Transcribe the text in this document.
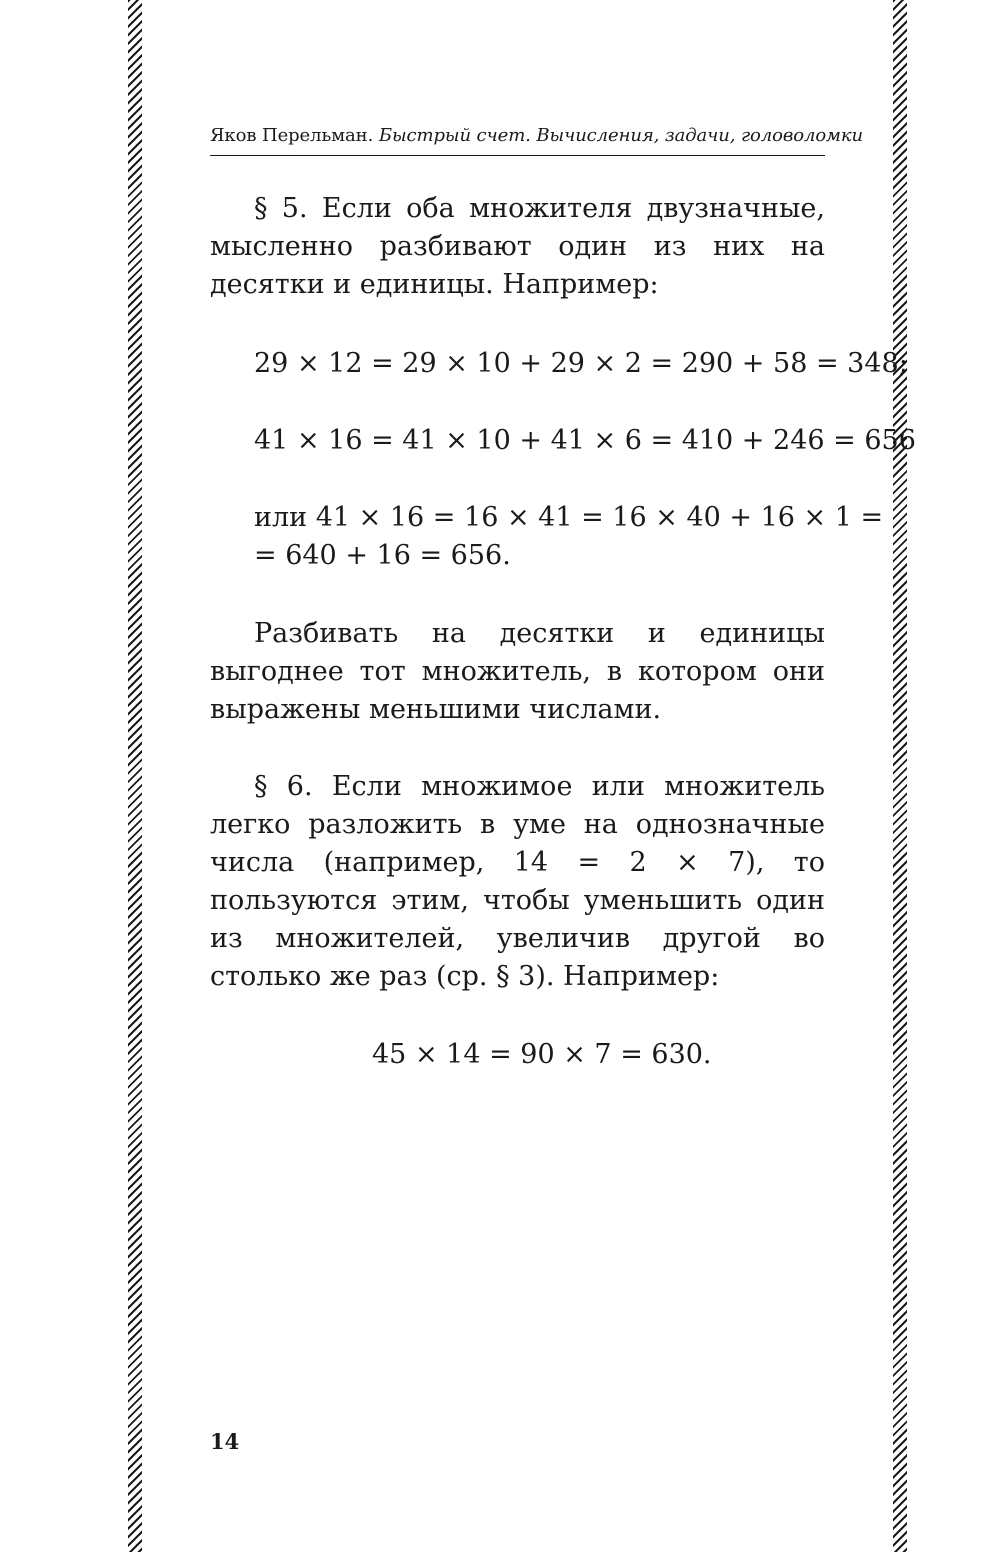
Яков Перельман. Быстрый счет. Вычисления, задачи, головоломки

§ 5. Если оба множителя двузначные, мысленно разбивают один из них на десятки и единицы. Например:

29 × 12 = 29 × 10 + 29 × 2 = 290 + 58 = 348;

41 × 16 = 41 × 10 + 41 × 6 = 410 + 246 = 656

или 41 × 16 = 16 × 41 = 16 × 40 + 16 × 1 =

= 640 + 16 = 656.

Разбивать на десятки и единицы выгоднее тот множитель, в котором они выражены меньшими числами.

§ 6. Если множимое или множитель легко разложить в уме на однозначные числа (например, 14 = 2 × 7), то пользуются этим, чтобы уменьшить один из множителей, увеличив другой во столько же раз (ср. § 3). Например:

45 × 14 = 90 × 7 = 630.

14
